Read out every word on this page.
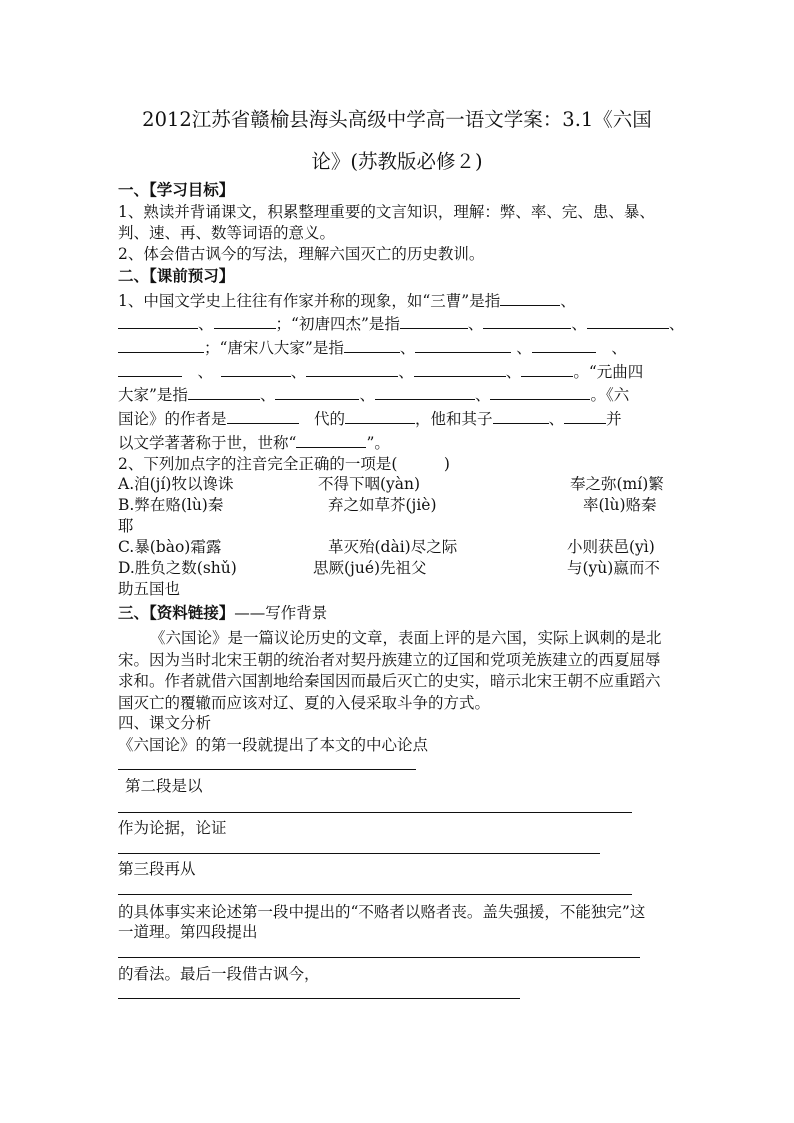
2012江苏省赣榆县海头高级中学高一语文学案：3.1《六国
论》(苏教版必修２)
一、【学习目标】
1、熟读并背诵课文，积累整理重要的文言知识，理解：弊、率、完、患、暴、
判、速、再、数等词语的意义。
2、体会借古讽今的写法，理解六国灭亡的历史教训。
二、【课前预习】
1、中国文学史上往往有作家并称的现象，如“三曹”是指	、
、	；“初唐四杰”是指	、	、	、
；“唐宋八大家”是指	、	、	　、
　、　	、	、	、	。“元曲四
大家”是指	、	、	、	。《六
国论》的作者是　	代的	，他和其子	、	并
以文学著著称于世，世称“	”。
2、下列加点字的注音完全正确的一项是(　　　)
A.洎(jí)牧以谗诛	不得下咽(yàn)	奉之弥(mí)繁
B.弊在赂(lù)秦	弃之如草芥(jiè)	率(lù)赂秦
耶
C.暴(bào)霜露	革灭殆(dài)尽之际	小则获邑(yì)
D.胜负之数(shǔ)	思厥(jué)先祖父	与(yù)嬴而不
助五国也
三、【资料链接】——写作背景
《六国论》是一篇议论历史的文章，表面上评的是六国，实际上讽刺的是北
宋。因为当时北宋王朝的统治者对契丹族建立的辽国和党项羌族建立的西夏屈辱
求和。作者就借六国割地给秦国因而最后灭亡的史实，暗示北宋王朝不应重蹈六
国灭亡的覆辙而应该对辽、夏的入侵采取斗争的方式。
四、课文分析
《六国论》的第一段就提出了本文的中心论点
第二段是以
作为论据，论证
第三段再从
的具体事实来论述第一段中提出的“不赂者以赂者丧。盖失强援，不能独完”这
一道理。第四段提出
的看法。最后一段借古讽今，
